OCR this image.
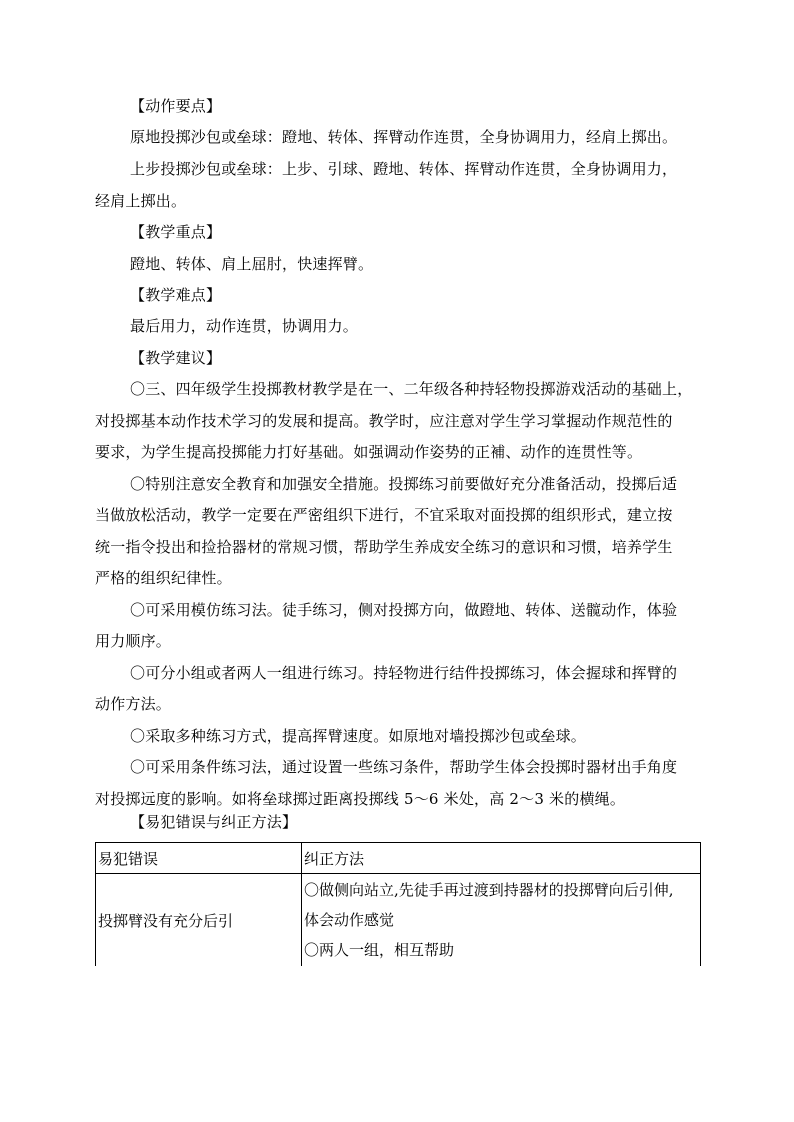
【动作要点】
原地投掷沙包或垒球：蹬地、转体、挥臂动作连贯，全身协调用力，经肩上掷出。
上步投掷沙包或垒球：上步、引球、蹬地、转体、挥臂动作连贯，全身协调用力，
经肩上掷出。
【教学重点】
蹬地、转体、肩上屈肘，快速挥臂。
【教学难点】
最后用力，动作连贯，协调用力。
【教学建议】
〇三、四年级学生投掷教材教学是在一、二年级各种持轻物投掷游戏活动的基础上，
对投掷基本动作技术学习的发展和提高。教学时，应注意对学生学习掌握动作规范性的
要求，为学生提高投掷能力打好基础。如强调动作姿势的正補、动作的连贯性等。
〇特别注意安全教育和加强安全措施。投掷练习前要做好充分准备活动，投掷后适
当做放松活动，教学一定要在严密组织下进行，不宜采取对面投掷的组织形式，建立按
统一指令投出和捡拾器材的常规习惯，帮助学生养成安全练习的意识和习惯，培养学生
严格的组织纪律性。
〇可采用模仿练习法。徒手练习，侧对投掷方向，做蹬地、转体、送髋动作，体验
用力顺序。
〇可分小组或者两人一组进行练习。持轻物进行结件投掷练习，体会握球和挥臂的
动作方法。
〇采取多种练习方式，提高挥臂速度。如原地对墙投掷沙包或垒球。
〇可采用条件练习法，通过设置一些练习条件，帮助学生体会投掷时器材出手角度
对投掷远度的影响。如将垒球掷过距离投掷线 5～6 米处，高 2～3 米的横绳。
【易犯错误与纠正方法】
易犯错误	纠正方法
投掷臂没有充分后引	〇做侧向站立,先徒手再过渡到持器材的投掷臂向后引伸,
体会动作感觉
〇两人一组，相互帮助
